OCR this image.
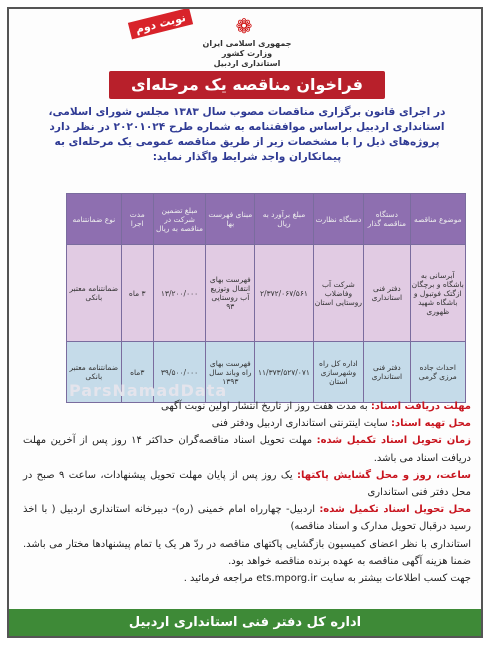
نوبت دوم	❁
جمهوری اسلامی ایران
وزارت کشور
استانداری اردبیل
فراخوان مناقصه یک مرحله‌ای
در اجرای قانون برگزاری مناقصات مصوب سال ۱۳۸۳ مجلس شورای اسلامی، استانداری اردبیل براساس موافقتنامه به شماره طرح ۲۰۲۰۱۰۲۴ در نظر دارد پروژه‌های ذیل را با مشخصات زیر از طریق مناقصه عمومی یک مرحله‌ای به پیمانکاران واجد شرایط واگذار نماید:
موضوع مناقصه	دستگاه مناقصه گذار	دستگاه نظارت	مبلغ برآورد به ریال	مبنای فهرست بها	مبلغ تضمین شرکت در مناقصه به ریال	مدت اجرا	نوع ضمانتنامه
آبرسانی به باشگاه و برچگان ازگتک فوتبول و باشگاه شهید ظهوری	دفتر فنی استانداری	شرکت آب وفاضلاب روستایی استان	۲/۳۷۲/۰۶۷/۵۶۱	فهرست بهای انتقال وتوزیع آب روستایی ۹۳	۱۳/۲۰۰/۰۰۰	۳ ماه	ضمانتنامه معتبر بانکی
احداث جاده مرزی گرمی	دفتر فنی استانداری	اداره کل راه وشهرسازی استان	۱۱/۳۷۳/۵۲۷/۰۷۱	فهرست بهای راه وباند سال ۱۳۹۳	۳۹/۵۰۰/۰۰۰	۳ماه	ضمانتنامه معتبر بانکی
ParsNamadData

مهلت دریافت اسناد: به مدت هفت روز از تاریخ انتشار اولین نوبت آگهی

محل تهیه اسناد: سایت اینترنتی استانداری اردبیل ودفتر فنی

زمان تحویل اسناد تکمیل شده: مهلت تحویل اسناد مناقصه‌گران حداکثر ۱۴ روز پس از آخرین مهلت دریافت اسناد می باشد.

ساعت، روز و محل گشایش پاکتها: یک روز پس از پایان مهلت تحویل پیشنهادات، ساعت ۹ صبح در محل دفتر فنی استانداری

محل تحویل اسناد تکمیل شده: اردبیل- چهارراه امام خمینی (ره)- دبیرخانه استانداری اردبیل ( با اخذ رسید درقبال تحویل مدارک و اسناد مناقصه)

استانداری با نظر اعضای کمیسیون بازگشایی پاکتهای مناقصه در ردّ هر یک یا تمام پیشنهادها مختار می باشد. ضمنا هزینه آگهی مناقصه به عهده برنده مناقصه خواهد بود.

جهت کسب اطلاعات بیشتر به سایت ets.mporg.ir مراجعه فرمائید .

اداره کل دفتر فنی استانداری اردبیل
